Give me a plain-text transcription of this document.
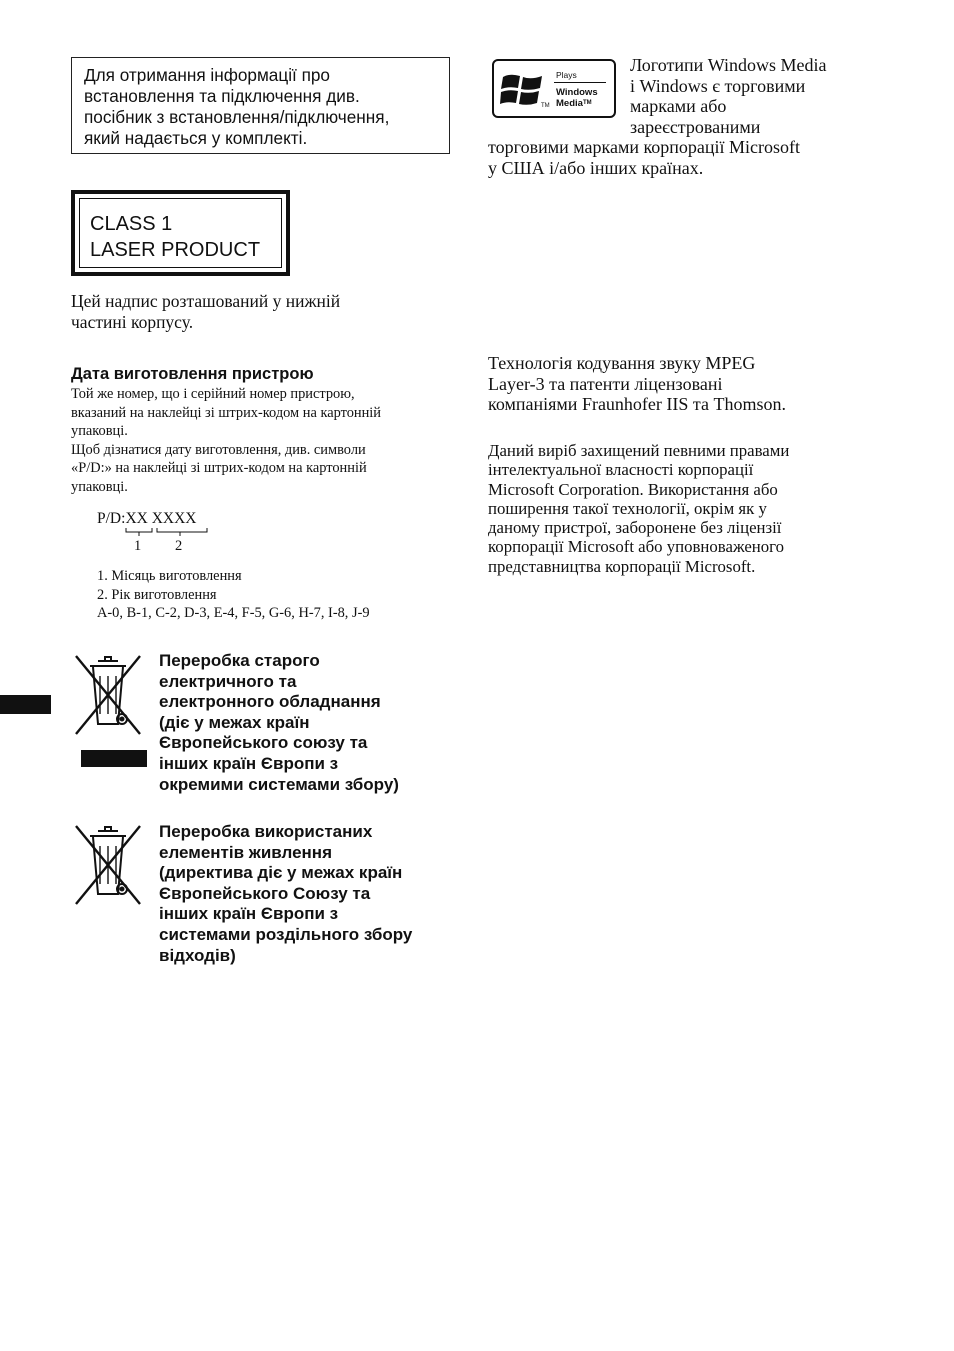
Для отримання інформації про
встановлення та підключення див.
посібник з встановлення/підключення,
який надається у комплекті.
CLASS 1
LASER PRODUCT
Цей надпис розташований у нижній
частині корпусу.
Дата виготовлення пристрою
Той же номер, що і серійний номер пристрою,
вказаний на наклейці зі штрих-кодом на картонній
упаковці.
Щоб дізнатися дату виготовлення, див. символи
«P/D:» на наклейці зі штрих-кодом на картонній
упаковці.
P/D:XX XXXX
1 2
1. Місяць виготовлення
2. Рік виготовлення
A-0, B-1, C-2, D-3, E-4, F-5, G-6, H-7, I-8, J-9
Переробка старого
електричного та
електронного обладнання
(діє у межах країн
Європейського союзу та
інших країн Європи з
окремими системами збору)
Переробка використаних
елементів живлення
(директива діє у межах країн
Європейського Союзу та
інших країн Європи з
системами роздільного збору
відходів)
TM
Plays
Windows
Media™
Логотипи Windows Media
і Windows є торговими
марками або
зареєстрованими
торговими марками корпорації Microsoft
у США і/або інших країнах.
Технологія кодування звуку MPEG
Layer-3 та патенти ліцензовані
компаніями Fraunhofer IIS та Thomson.
Даний виріб захищений певними правами
інтелектуальної власності корпорації
Microsoft Corporation. Використання або
поширення такої технології, окрім як у
даному пристрої, заборонене без ліцензії
корпорації Microsoft або уповноваженого
представництва корпорації Microsoft.
